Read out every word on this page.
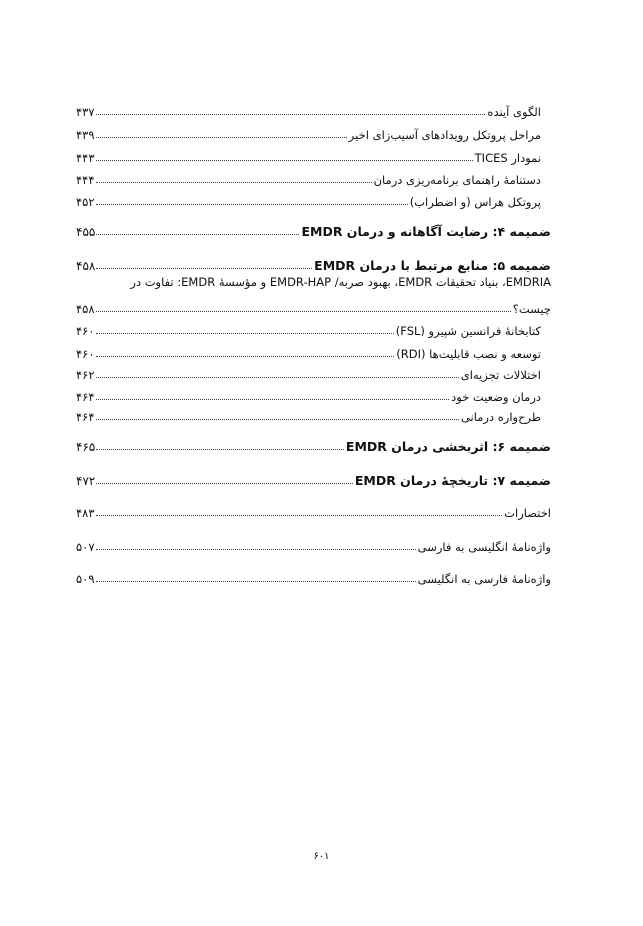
الگوی آینده
۴۳۷
مراحل پروتکل رویدادهای آسیب‌زای اخیر
۴۳۹
نمودار TICES
۴۴۳
دستنامهٔ راهنمای برنامه‌ریزی درمان
۴۴۴
پروتکل هراس (و اضطراب)
۴۵۲
ضمیمه ۴: رضایت آگاهانه و درمان EMDR
۴۵۵
ضمیمه ۵: منابع مرتبط با درمان EMDR
۴۵۸
EMDRIA، بنیاد تحقیقات EMDR، بهبود صربه/ EMDR-HAP و مؤسسهٔ EMDR: تفاوت در
چیست؟
۴۵۸
کتابخانهٔ فرانسین شپیرو (FSL)
۴۶۰
توسعه و نصب قابلیت‌ها (RDI)
۴۶۰
اختلالات تجزیه‌ای
۴۶۲
درمان وضعیت خود
۴۶۴
طرح‌واره درمانی
۴۶۴
ضمیمه ۶: اثربخشی درمان EMDR
۴۶۵
ضمیمه ۷: تاریخچهٔ درمان EMDR
۴۷۲
اختصارات
۴۸۳
واژه‌نامهٔ انگلیسی به فارسی
۵۰۷
واژه‌نامهٔ فارسی به انگلیسی
۵۰۹
۶۰۱
